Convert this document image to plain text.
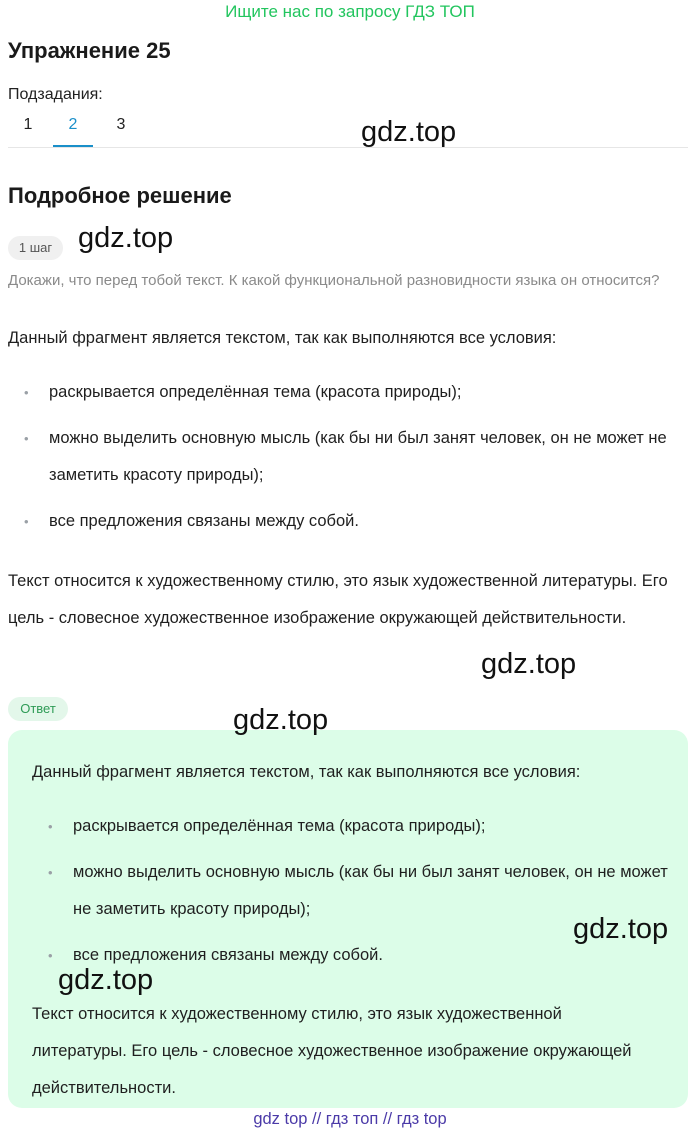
Ищите нас по запросу ГДЗ ТОП
Упражнение 25
Подзадания:
1	2	3	gdz.top
Подробное решение
1 шаг gdz.top
Докажи, что перед тобой текст. К какой функциональной разновидности языка он относится?
Данный фрагмент является текстом, так как выполняются все условия:
• раскрывается определённая тема (красота природы);
• можно выделить основную мысль (как бы ни был занят человек, он не может не заметить красоту природы);
• все предложения связаны между собой.
Текст относится к художественному стилю, это язык художественной литературы. Его цель - словесное художественное изображение окружающей действительности.
gdz.top
Ответ
Данный фрагмент является текстом, так как выполняются все условия:
• раскрывается определённая тема (красота природы);
• можно выделить основную мысль (как бы ни был занят человек, он не может не заметить красоту природы);
• все предложения связаны между собой.
Текст относится к художественному стилю, это язык художественной литературы. Его цель - словесное художественное изображение окружающей действительности.
gdz.top
gdz.top
gdz.top
gdz top // гдз топ // гдз top
